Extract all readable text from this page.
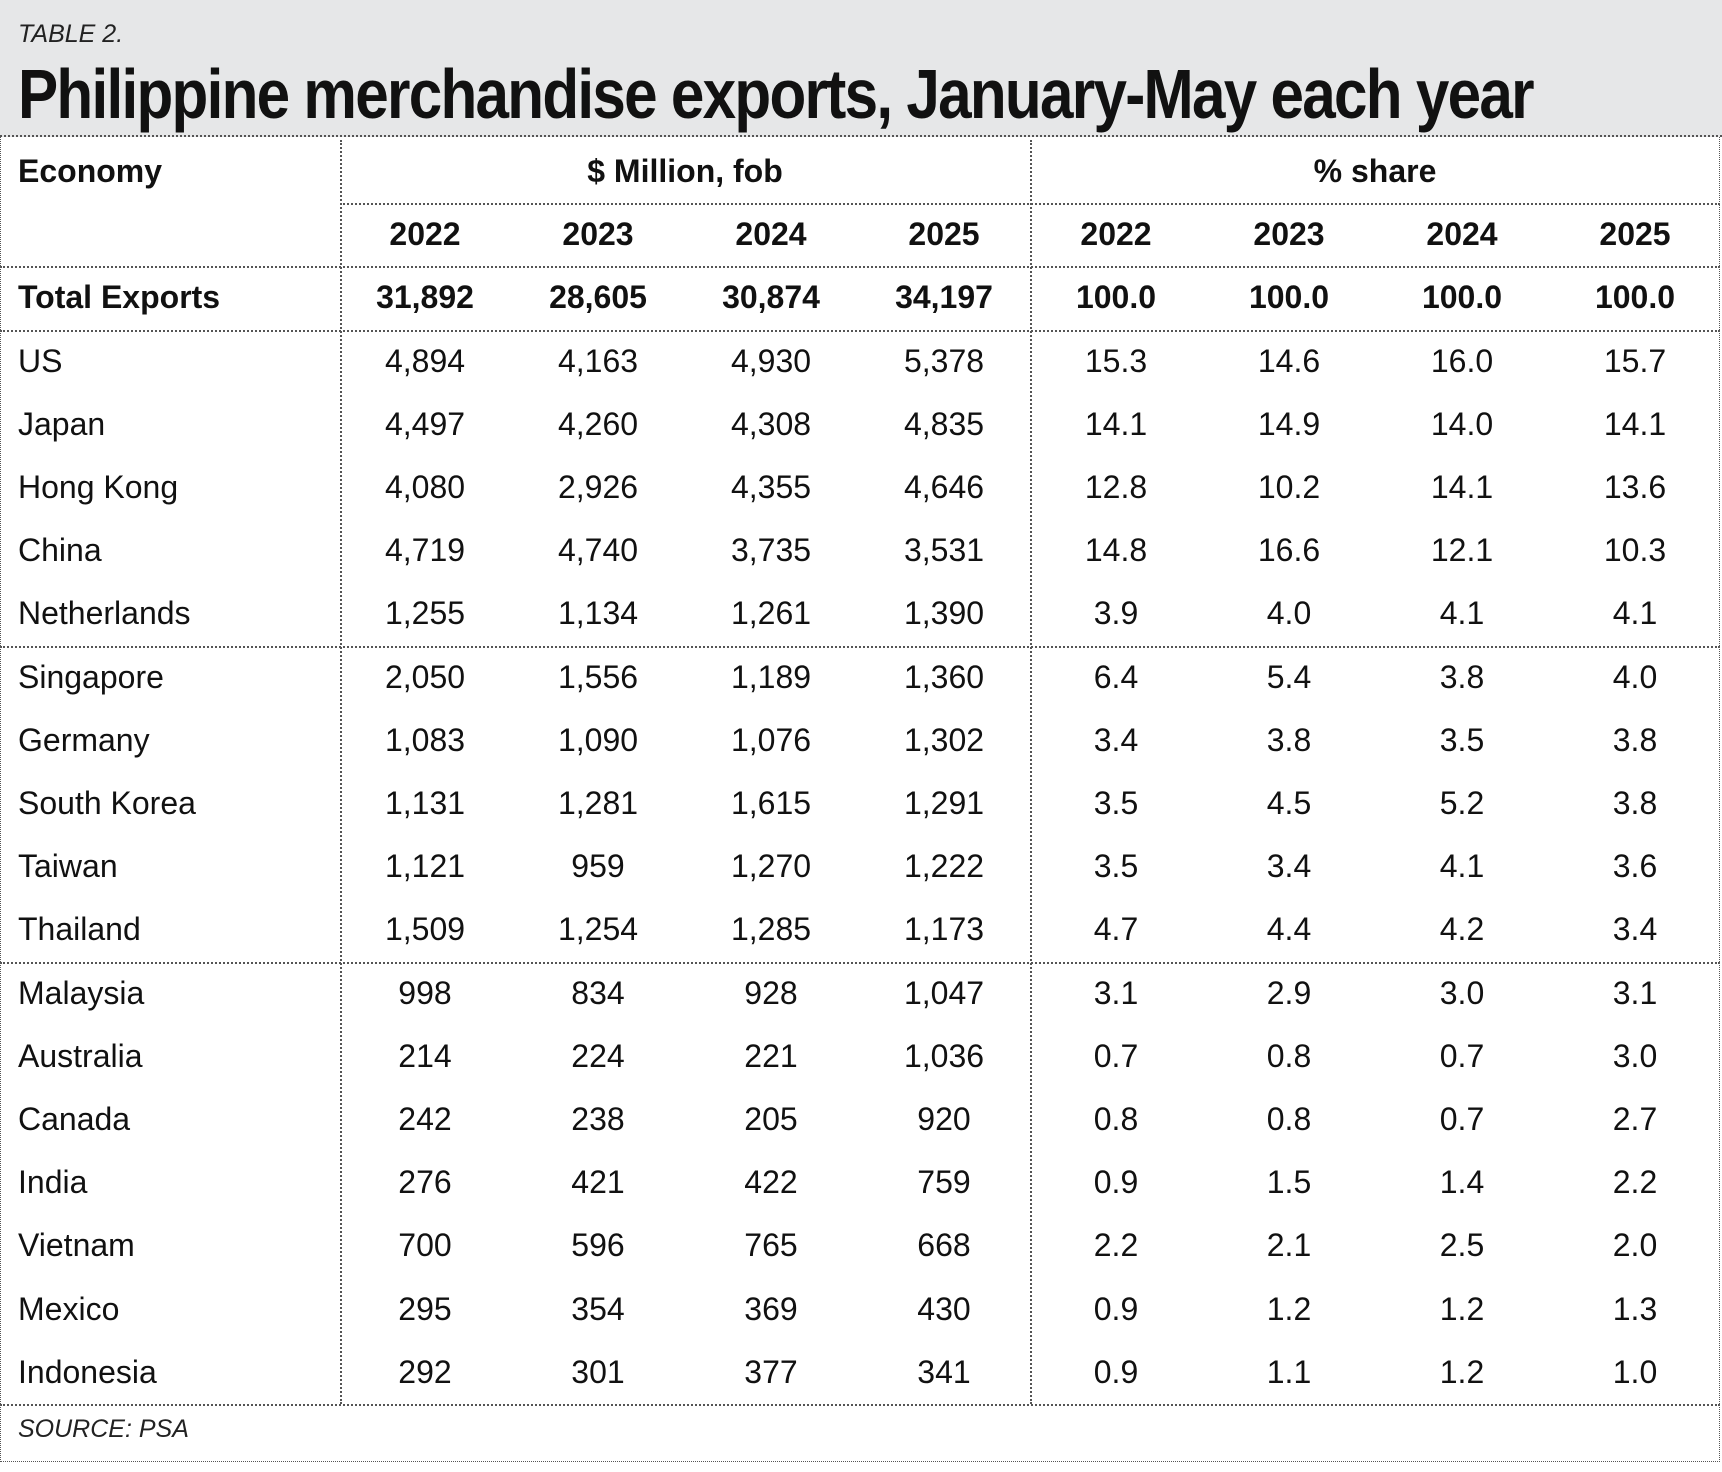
TABLE 2.
Philippine merchandise exports, January-May each year
Economy	$ Million, fob	% share
2022	2023	2024	2025	2022	2023	2024	2025
Total Exports	31,892	28,605	30,874	34,197	100.0	100.0	100.0	100.0
US	4,894	4,163	4,930	5,378	15.3	14.6	16.0	15.7
Japan	4,497	4,260	4,308	4,835	14.1	14.9	14.0	14.1
Hong Kong	4,080	2,926	4,355	4,646	12.8	10.2	14.1	13.6
China	4,719	4,740	3,735	3,531	14.8	16.6	12.1	10.3
Netherlands	1,255	1,134	1,261	1,390	3.9	4.0	4.1	4.1
Singapore	2,050	1,556	1,189	1,360	6.4	5.4	3.8	4.0
Germany	1,083	1,090	1,076	1,302	3.4	3.8	3.5	3.8
South Korea	1,131	1,281	1,615	1,291	3.5	4.5	5.2	3.8
Taiwan	1,121	959	1,270	1,222	3.5	3.4	4.1	3.6
Thailand	1,509	1,254	1,285	1,173	4.7	4.4	4.2	3.4
Malaysia	998	834	928	1,047	3.1	2.9	3.0	3.1
Australia	214	224	221	1,036	0.7	0.8	0.7	3.0
Canada	242	238	205	920	0.8	0.8	0.7	2.7
India	276	421	422	759	0.9	1.5	1.4	2.2
Vietnam	700	596	765	668	2.2	2.1	2.5	2.0
Mexico	295	354	369	430	0.9	1.2	1.2	1.3
Indonesia	292	301	377	341	0.9	1.1	1.2	1.0
SOURCE: PSA
